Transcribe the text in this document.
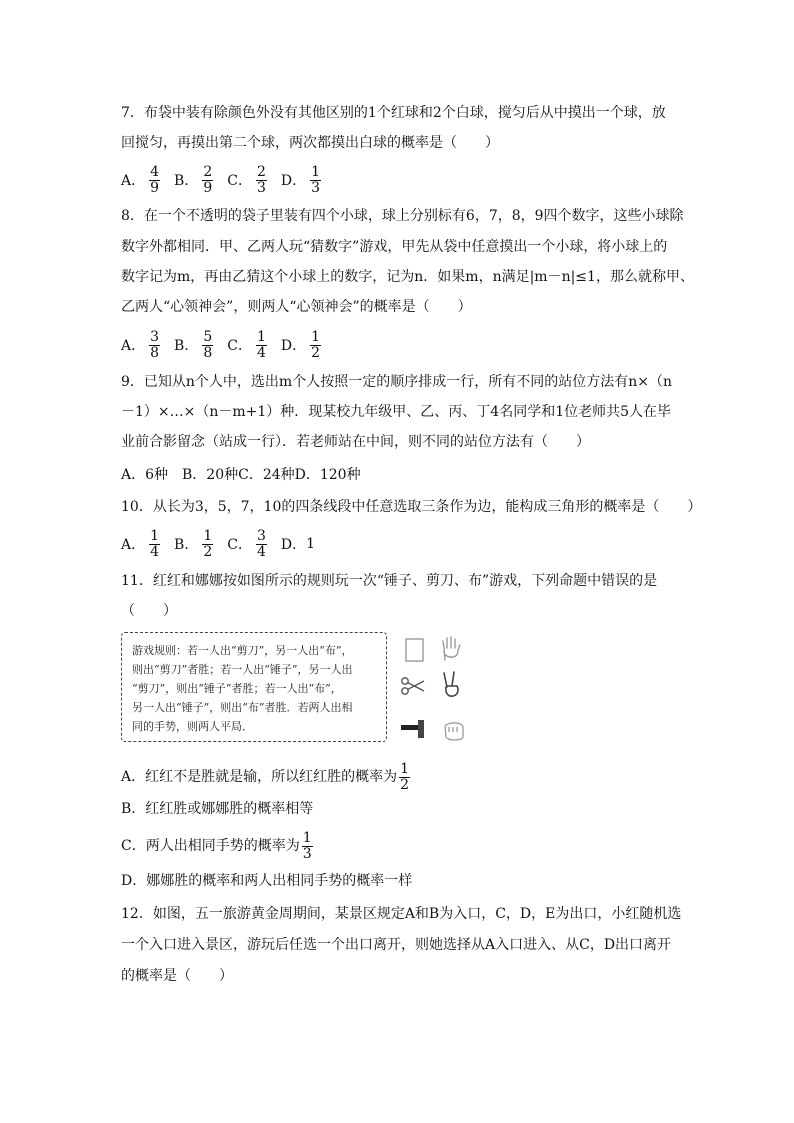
7．布袋中装有除颜色外没有其他区别的1个红球和2个白球，搅匀后从中摸出一个球，放
回搅匀，再摸出第二个球，两次都摸出白球的概率是（　　）
A． $\frac{4}{9}$ B． $\frac{2}{9}$ C． $\frac{2}{3}$ D． $\frac{1}{3}$
8．在一个不透明的袋子里装有四个小球，球上分别标有6，7，8，9四个数字，这些小球除
数字外都相同．甲、乙两人玩“猜数字”游戏，甲先从袋中任意摸出一个小球，将小球上的
数字记为m，再由乙猜这个小球上的数字，记为n．如果m，n满足|m－n|≤1，那么就称甲、
乙两人“心领神会”，则两人“心领神会”的概率是（　　）
A． $\frac{3}{8}$ B． $\frac{5}{8}$ C． $\frac{1}{4}$ D． $\frac{1}{2}$
9．已知从n个人中，选出m个人按照一定的顺序排成一行，所有不同的站位方法有n×（n
－1）×…×（n－m+1）种．现某校九年级甲、乙、丙、丁4名同学和1位老师共5人在毕
业前合影留念（站成一行）．若老师站在中间，则不同的站位方法有（　　）
A．6种　B．20种C．24种D．120种
10．从长为3，5，7，10的四条线段中任意选取三条作为边，能构成三角形的概率是（　　）
A． $\frac{1}{4}$ B． $\frac{1}{2}$ C． $\frac{3}{4}$ D． 1
11．红红和娜娜按如图所示的规则玩一次“锤子、剪刀、布”游戏，下列命题中错误的是
（　　）
游戏规则：若一人出“剪刀”，另一人出“布”，
则出“剪刀”者胜；若一人出“锤子”，另一人出
“剪刀”，则出“锤子”者胜；若一人出“布”，
另一人出“锤子”，则出“布”者胜．若两人出相
同的手势，则两人平局．
A．红红不是胜就是输，所以红红胜的概率为 $\frac{1}{2}$
B．红红胜或娜娜胜的概率相等
C．两人出相同手势的概率为 $\frac{1}{3}$
D．娜娜胜的概率和两人出相同手势的概率一样
12．如图，五一旅游黄金周期间，某景区规定A和B为入口，C，D，E为出口，小红随机选
一个入口进入景区，游玩后任选一个出口离开，则她选择从A入口进入、从C，D出口离开
的概率是（　　）
